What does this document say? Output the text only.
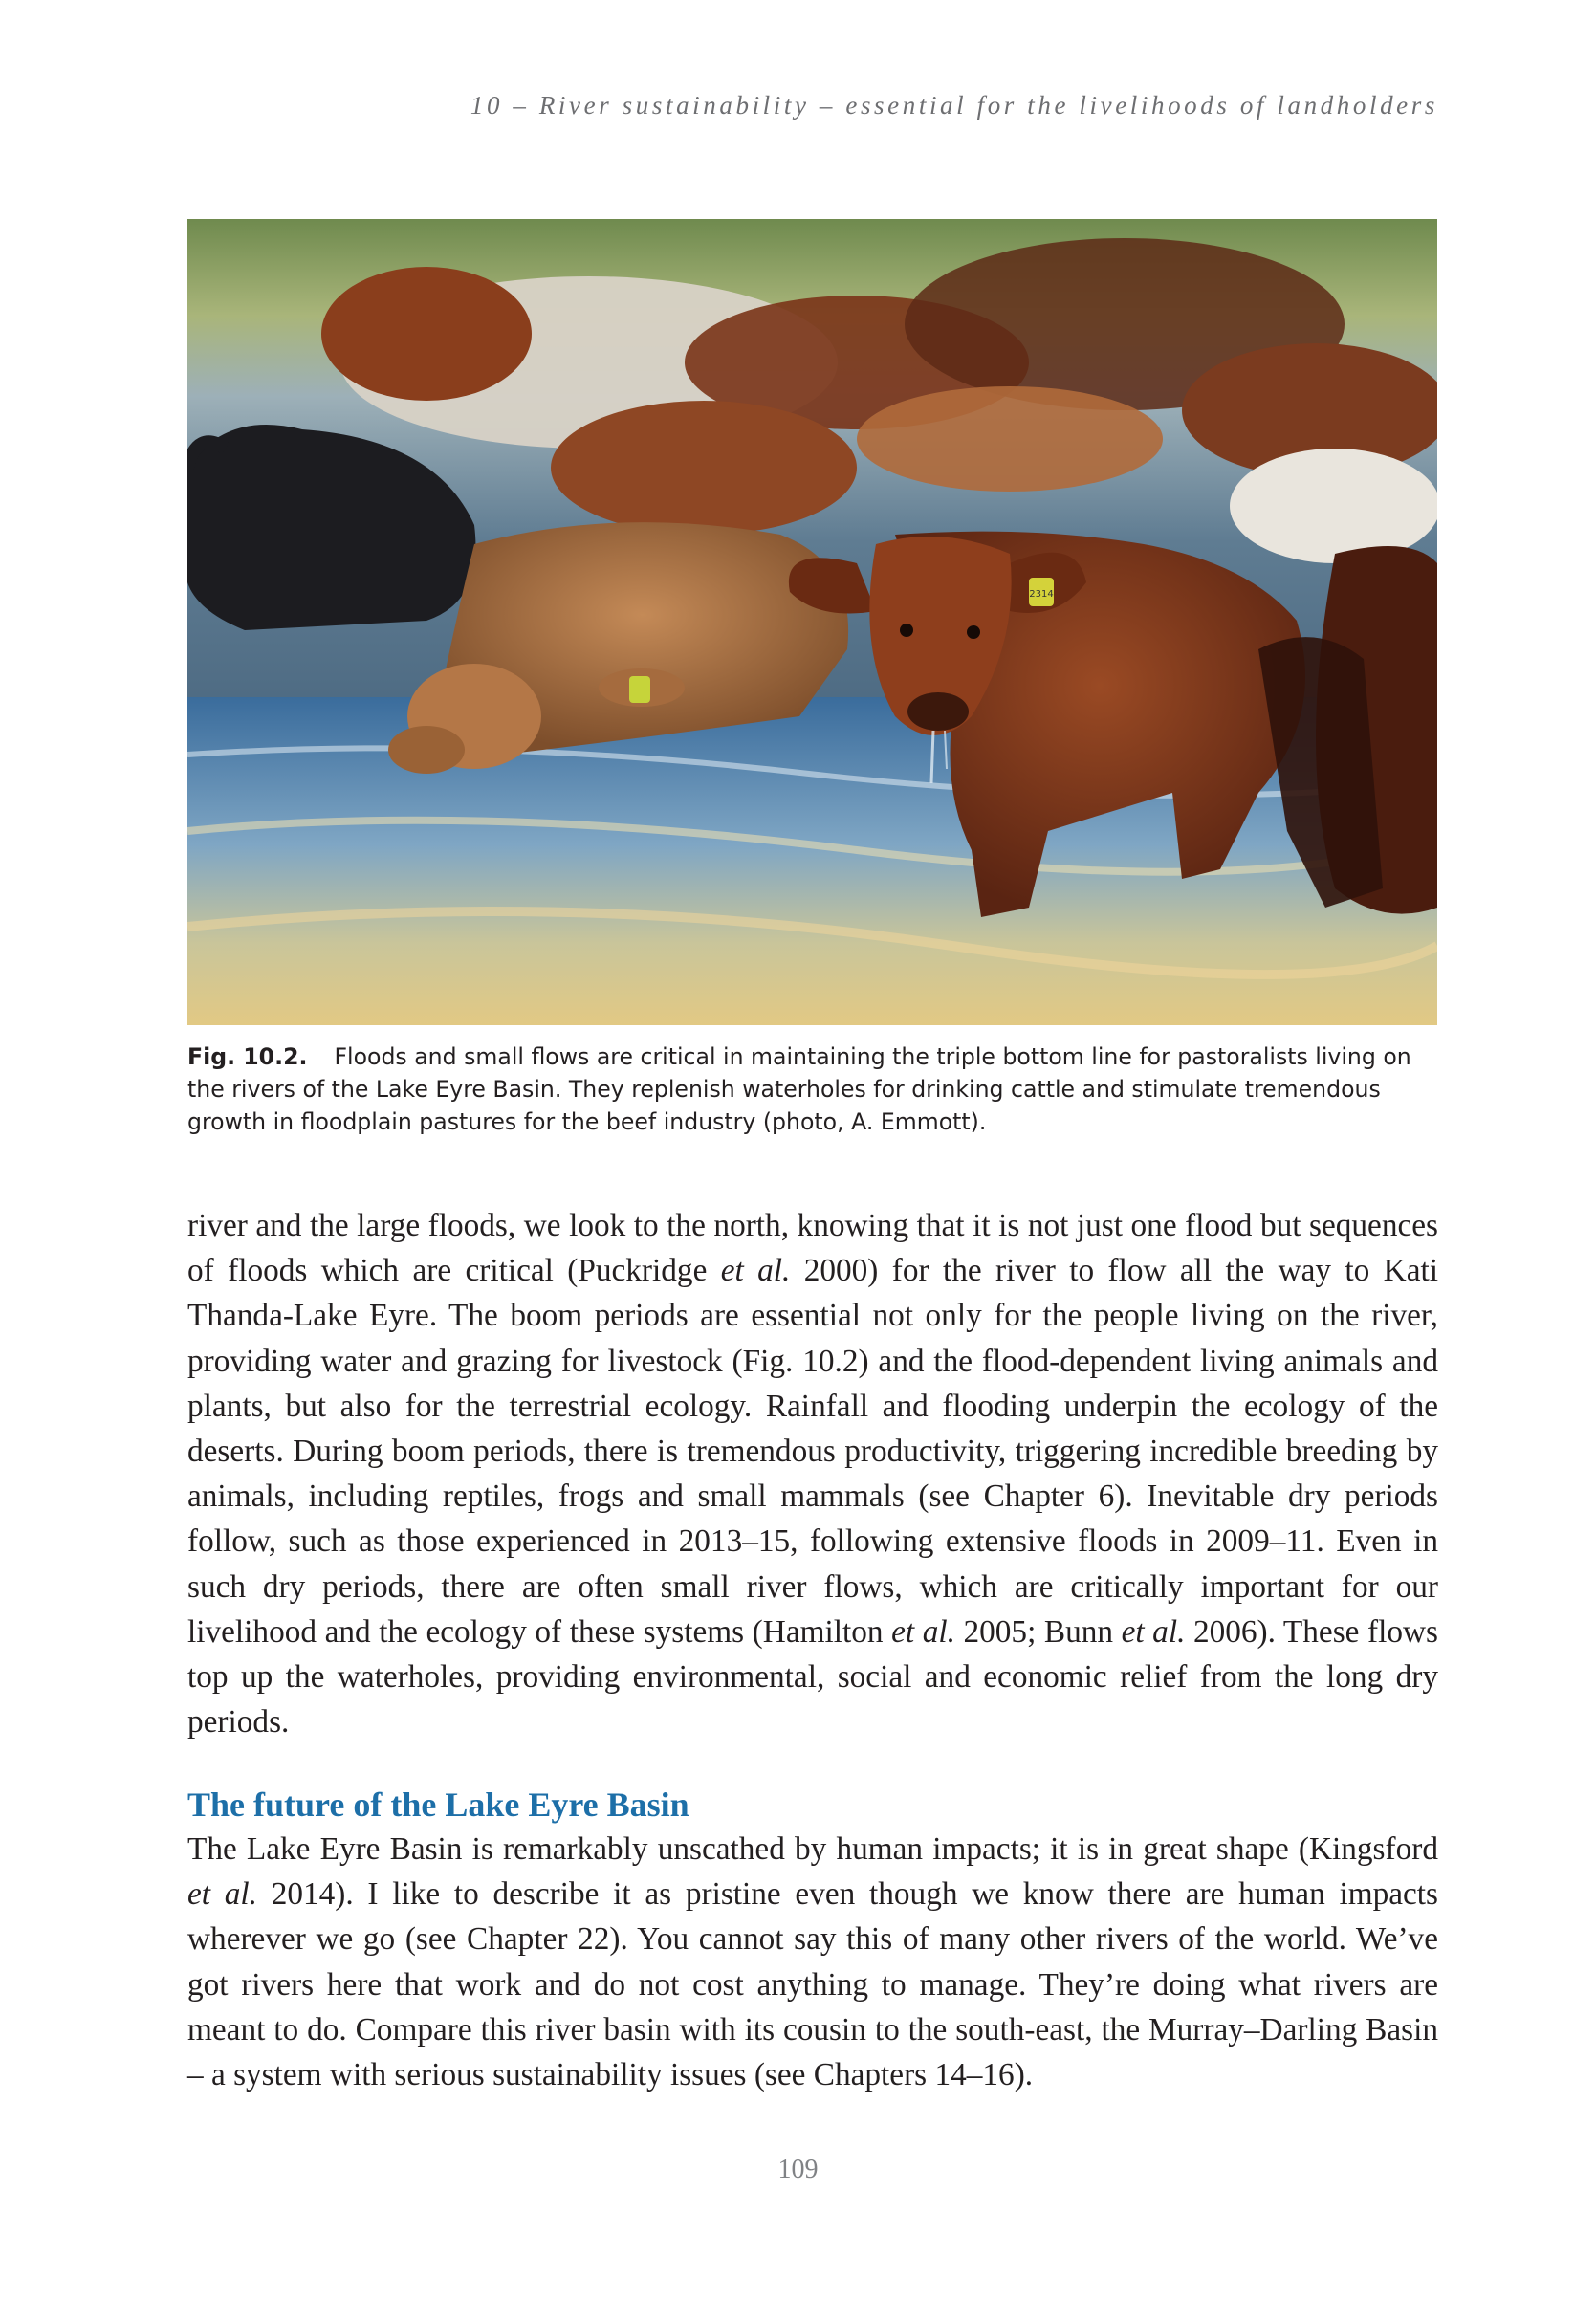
10 – River sustainability – essential for the livelihoods of landholders
2314
Fig. 10.2. Floods and small flows are critical in maintaining the triple bottom line for pastoralists living on the rivers of the Lake Eyre Basin. They replenish waterholes for drinking cattle and stimulate tremendous growth in floodplain pastures for the beef industry (photo, A. Emmott).
river and the large floods, we look to the north, knowing that it is not just one flood but sequences of floods which are critical (Puckridge et al. 2000) for the river to flow all the way to Kati Thanda-Lake Eyre. The boom periods are essential not only for the people living on the river, providing water and grazing for livestock (Fig. 10.2) and the flood-dependent living animals and plants, but also for the terrestrial ecology. Rainfall and flooding underpin the ecology of the deserts. During boom periods, there is tremendous productivity, triggering incredible breeding by animals, including reptiles, frogs and small mammals (see Chapter 6). Inevitable dry periods follow, such as those experienced in 2013–15, following extensive floods in 2009–11. Even in such dry periods, there are often small river flows, which are critically important for our livelihood and the ecology of these systems (Hamilton et al. 2005; Bunn et al. 2006). These flows top up the waterholes, providing environmental, social and economic relief from the long dry periods.
The future of the Lake Eyre Basin
The Lake Eyre Basin is remarkably unscathed by human impacts; it is in great shape (Kingsford et al. 2014). I like to describe it as pristine even though we know there are human impacts wherever we go (see Chapter 22). You cannot say this of many other rivers of the world. We’ve got rivers here that work and do not cost anything to manage. They’re doing what rivers are meant to do. Compare this river basin with its cousin to the south-east, the Murray–Darling Basin – a system with serious sustainability issues (see Chapters 14–16).
109
